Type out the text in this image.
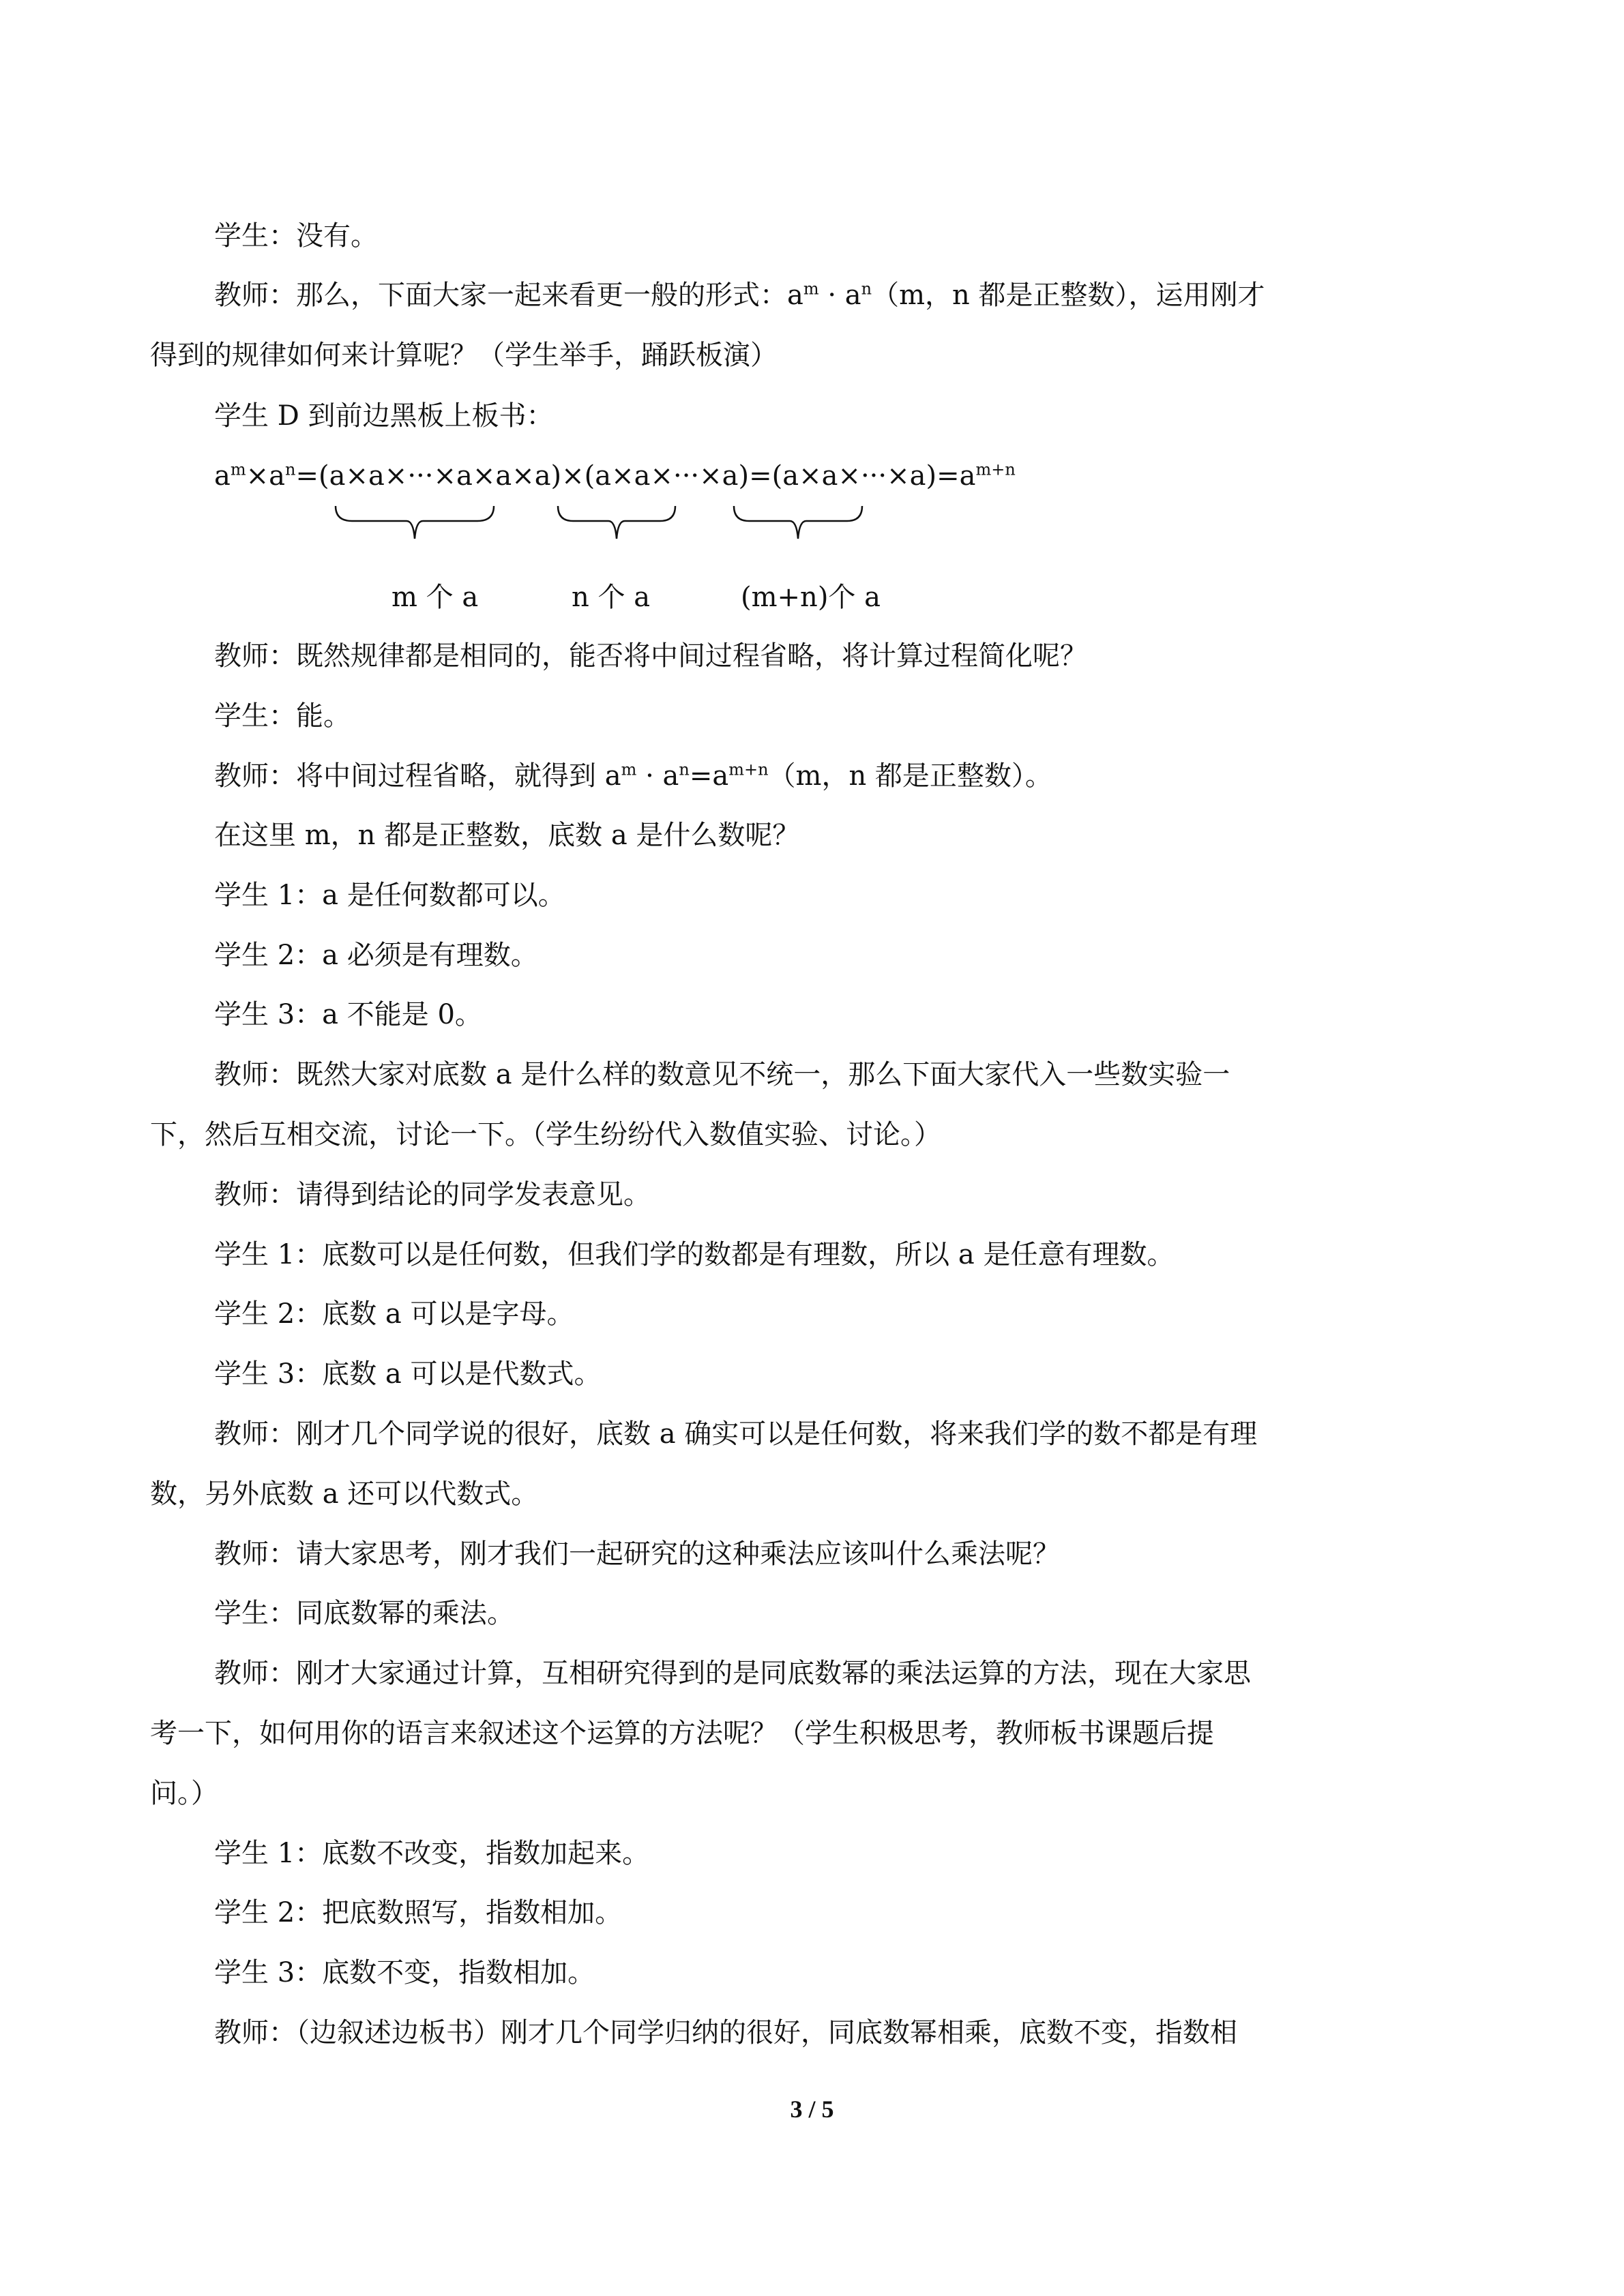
学生：没有。
教师：那么，下面大家一起来看更一般的形式：$a^m \cdot a^n(m$，n 都是正整数），运用刚才
得到的规律如何来计算呢？（学生举手，踊跃板演）
学生 D 到前边黑板上板书：
$a^m\times a^n=(a\times a\times\cdot\cdot\cdot\times a\times a\times a)\times(a\times a\times\cdot\cdot\cdot\times a)=(a\times a\times\cdot\cdot\cdot\times a)=a^{m+n}$
m 个 a	n 个 a	(m+n)个 a
教师：既然规律都是相同的，能否将中间过程省略，将计算过程简化呢？
学生：能。
教师：将中间过程省略，就得到 $a^m \cdot a^n=a^{m+n}(m$，n 都是正整数）。
在这里 m，n 都是正整数，底数 a 是什么数呢？
学生 1：a 是任何数都可以。
学生 2：a 必须是有理数。
学生 3：a 不能是 0。
教师：既然大家对底数 a 是什么样的数意见不统一，那么下面大家代入一些数实验一
下，然后互相交流，讨论一下。（学生纷纷代入数值实验、讨论。）
教师：请得到结论的同学发表意见。
学生 1：底数可以是任何数，但我们学的数都是有理数，所以 a 是任意有理数。
学生 2：底数 a 可以是字母。
学生 3：底数 a 可以是代数式。
教师：刚才几个同学说的很好，底数 a 确实可以是任何数，将来我们学的数不都是有理
数，另外底数 a 还可以代数式。
教师：请大家思考，刚才我们一起研究的这种乘法应该叫什么乘法呢？
学生：同底数幂的乘法。
教师：刚才大家通过计算，互相研究得到的是同底数幂的乘法运算的方法，现在大家思
考一下，如何用你的语言来叙述这个运算的方法呢？（学生积极思考，教师板书课题后提
问。）
学生 1：底数不改变，指数加起来。
学生 2：把底数照写，指数相加。
学生 3：底数不变，指数相加。
教师：（边叙述边板书）刚才几个同学归纳的很好，同底数幂相乘，底数不变，指数相
3 / 5
